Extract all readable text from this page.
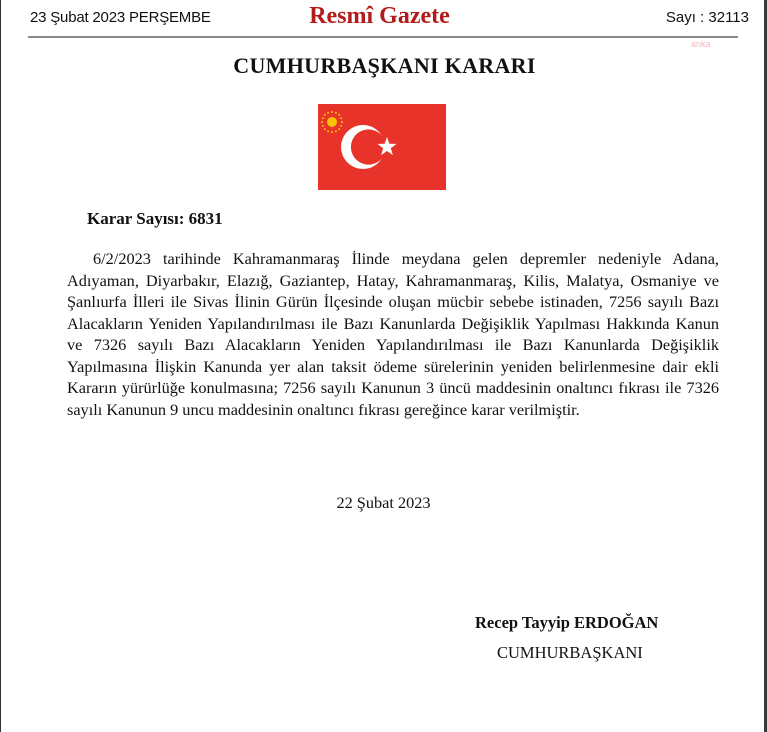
23 Şubat 2023 PERŞEMBE	Resmî Gazete	Sayı : 32113
anka
CUMHURBAŞKANI KARARI
Karar Sayısı: 6831
6/2/2023 tarihinde Kahramanmaraş İlinde meydana gelen depremler nedeniyle Adana, Adıyaman, Diyarbakır, Elazığ, Gaziantep, Hatay, Kahramanmaraş, Kilis, Malatya, Osmaniye ve Şanlıurfa İlleri ile Sivas İlinin Gürün İlçesinde oluşan mücbir sebebe istinaden, 7256 sayılı Bazı Alacakların Yeniden Yapılandırılması ile Bazı Kanunlarda Değişiklik Yapılması Hakkında Kanun ve 7326 sayılı Bazı Alacakların Yeniden Yapılandırılması ile Bazı Kanunlarda Değişiklik Yapılmasına İlişkin Kanunda yer alan taksit ödeme sürelerinin yeniden belirlenmesine dair ekli Kararın yürürlüğe konulmasına; 7256 sayılı Kanunun 3 üncü maddesinin onaltıncı fıkrası ile 7326 sayılı Kanunun 9 uncu maddesinin onaltıncı fıkrası gereğince karar verilmiştir.
22 Şubat 2023
Recep Tayyip ERDOĞAN
CUMHURBAŞKANI
